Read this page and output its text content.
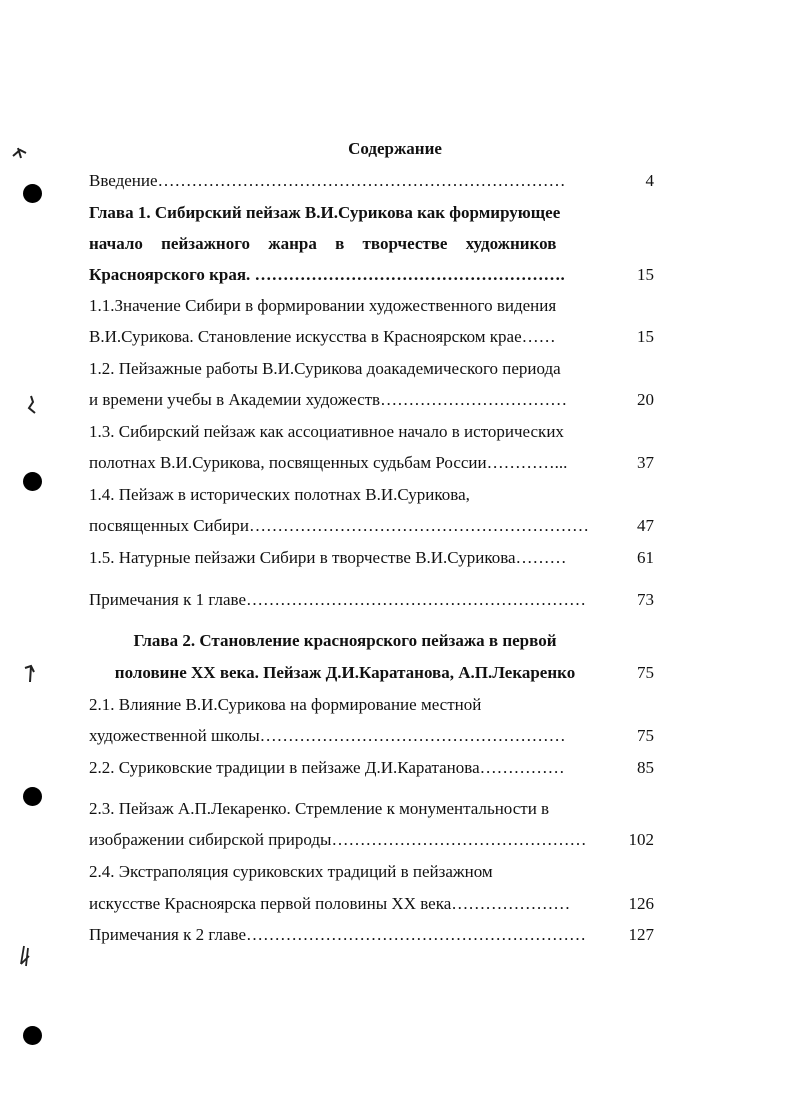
Содержание
Введение………………………………………………………………	4
Глава 1. Сибирский пейзаж В.И.Сурикова как формирующее
начало пейзажного жанра в творчестве художников
Красноярского края. ……………………………………………….	15
1.1.Значение Сибири в формировании художественного видения
В.И.Сурикова. Становление искусства в Красноярском крае……	15
1.2. Пейзажные работы В.И.Сурикова доакадемического периода
и времени учебы в Академии художеств……………………………	20
1.3. Сибирский пейзаж как ассоциативное начало в исторических
полотнах В.И.Сурикова, посвященных судьбам России…………...	37
1.4. Пейзаж в исторических полотнах В.И.Сурикова,
посвященных Сибири……………………………………………………	47
1.5. Натурные пейзажи Сибири в творчестве В.И.Сурикова………	61
Примечания к 1 главе……………………………………………………	73
Глава 2. Становление красноярского пейзажа в первой
половине XX века. Пейзаж Д.И.Каратанова, А.П.Лекаренко	75
2.1. Влияние В.И.Сурикова на формирование местной
художественной школы………………………………………………	75
2.2. Суриковские традиции в пейзаже Д.И.Каратанова……………	85
2.3. Пейзаж А.П.Лекаренко. Стремление к монументальности в
изображении сибирской природы………………………………………	102
2.4. Экстраполяция суриковских традиций в пейзажном
искусстве Красноярска первой половины XX века…………………	126
Примечания к 2 главе……………………………………………………	127
